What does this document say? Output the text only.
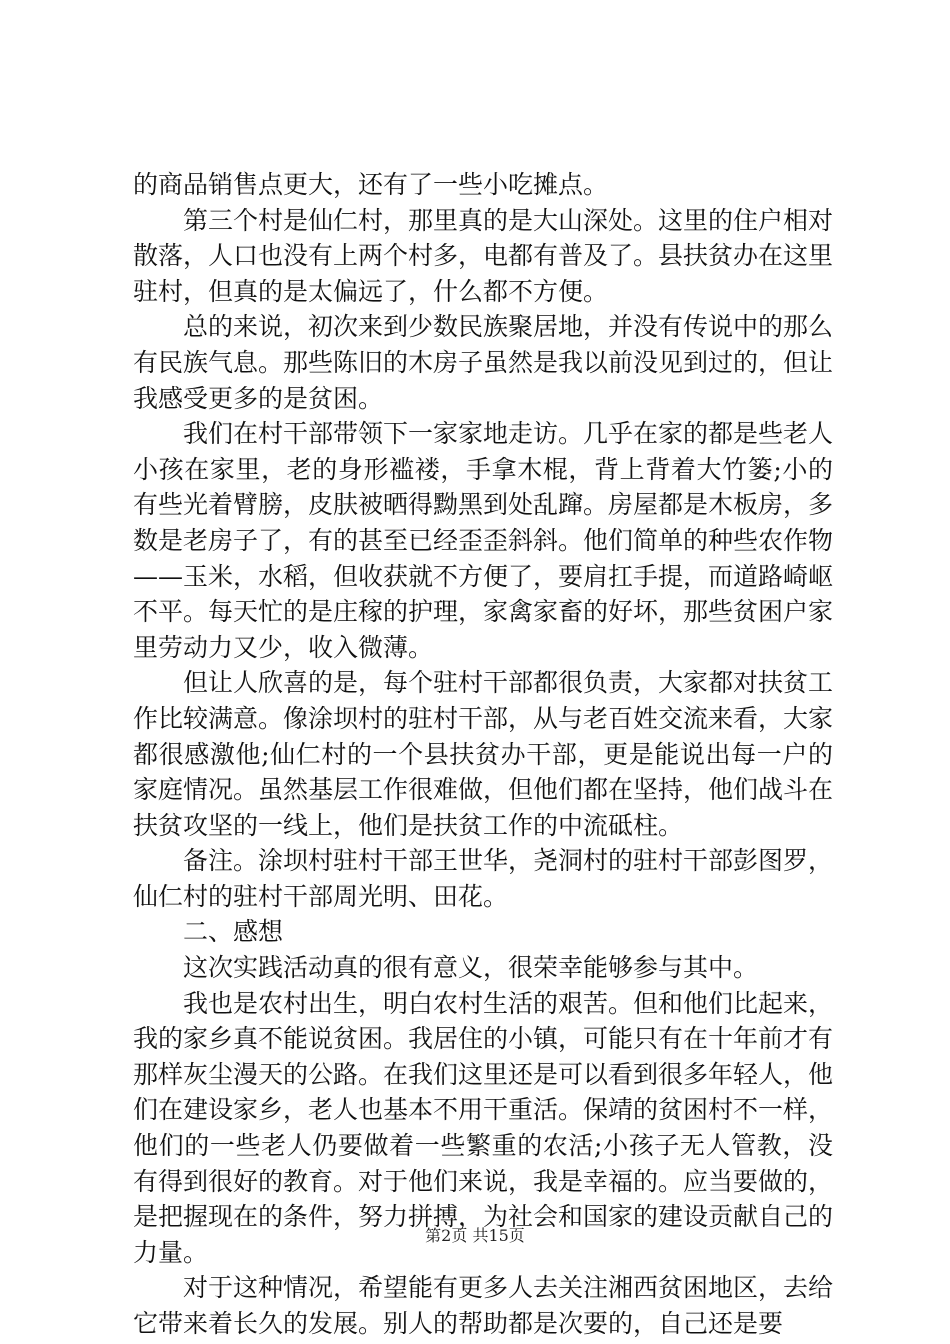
的商品销售点更大，还有了一些小吃摊点。

第三个村是仙仁村，那里真的是大山深处。这里的住户相对散落，人口也没有上两个村多，电都有普及了。县扶贫办在这里驻村，但真的是太偏远了，什么都不方便。

总的来说，初次来到少数民族聚居地，并没有传说中的那么有民族气息。那些陈旧的木房子虽然是我以前没见到过的，但让我感受更多的是贫困。

我们在村干部带领下一家家地走访。几乎在家的都是些老人小孩在家里，老的身形褴褛，手拿木棍，背上背着大竹篓;小的有些光着臂膀，皮肤被晒得黝黑到处乱蹿。房屋都是木板房，多数是老房子了，有的甚至已经歪歪斜斜。他们简单的种些农作物——玉米，水稻，但收获就不方便了，要肩扛手提，而道路崎岖不平。每天忙的是庄稼的护理，家禽家畜的好坏，那些贫困户家里劳动力又少，收入微薄。

但让人欣喜的是，每个驻村干部都很负责，大家都对扶贫工作比较满意。像涂坝村的驻村干部，从与老百姓交流来看，大家都很感激他;仙仁村的一个县扶贫办干部，更是能说出每一户的家庭情况。虽然基层工作很难做，但他们都在坚持，他们战斗在扶贫攻坚的一线上，他们是扶贫工作的中流砥柱。

备注。涂坝村驻村干部王世华，尧洞村的驻村干部彭图罗，仙仁村的驻村干部周光明、田花。

二、感想

这次实践活动真的很有意义，很荣幸能够参与其中。

我也是农村出生，明白农村生活的艰苦。但和他们比起来，我的家乡真不能说贫困。我居住的小镇，可能只有在十年前才有那样灰尘漫天的公路。在我们这里还是可以看到很多年轻人，他们在建设家乡，老人也基本不用干重活。保靖的贫困村不一样，他们的一些老人仍要做着一些繁重的农活;小孩子无人管教，没有得到很好的教育。对于他们来说，我是幸福的。应当要做的，是把握现在的条件，努力拼搏，为社会和国家的建设贡献自己的力量。

对于这种情况，希望能有更多人去关注湘西贫困地区，去给它带来着长久的发展。别人的帮助都是次要的，自己还是要

第2页 共15页
